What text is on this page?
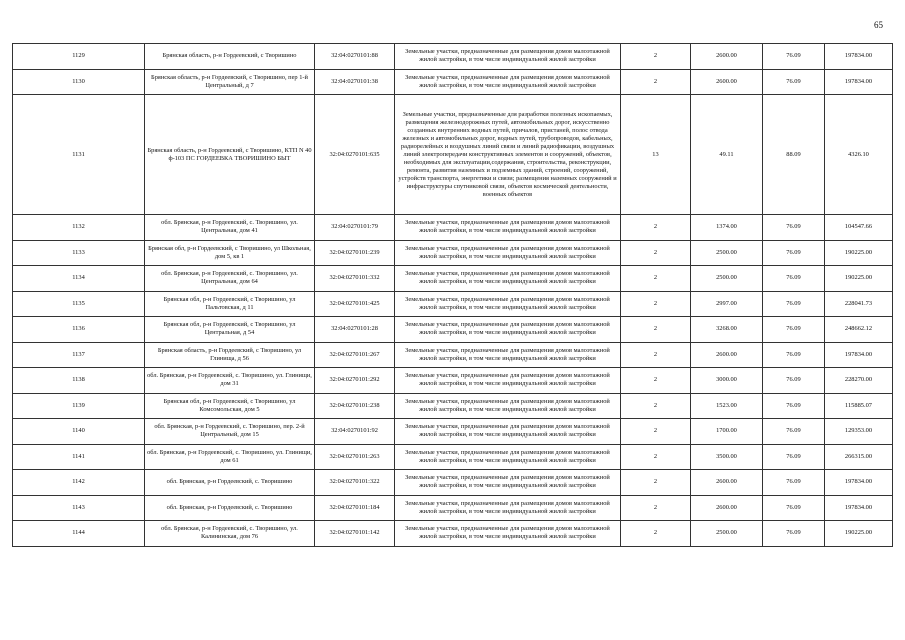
65
1129	Брянская область, р-н Гордеевский, с Творишино	32:04:0270101:88	Земельные участки, предназначенные для размещения домов малоэтажной жилой застройки, в том числе индивидуальной жилой застройки	2	2600.00	76.09	197834.00
1130	Брянская область, р-н Гордеевский, с Творишино, пер 1-й Центральный, д 7	32:04:0270101:38	Земельные участки, предназначенные для размещения домов малоэтажной жилой застройки, в том числе индивидуальной жилой застройки	2	2600.00	76.09	197834.00
1131	Брянская область, р-н Гордеевский, с Творишино, КТП N 40 ф-103 ПС ГОРДЕЕВКА ТВОРИШИНО БЫТ	32:04:0270101:635	Земельные участки, предназначенные для разработки полезных ископаемых, размещения железнодорожных путей, автомобильных дорог, искусственно созданных внутренних водных путей, причалов, пристаней, полос отвода железных и автомобильных дорог, водных путей, трубопроводов, кабельных, радиорелейных и воздушных линий связи и линий радиофикации, воздушных линий электропередачи конструктивных элементов и сооружений, объектов, необходимых для эксплуатации,содержания, строительства, реконструкции, ремонта, развития наземных и подземных зданий, строений, сооружений, устройств транспорта, энергетики и связи; размещения наземных сооружений и инфраструктуры спутниковой связи, объектов космической деятельности, военных объектов	13	49.11	88.09	4326.10
1132	обл. Брянская, р-н Гордеевский, с. Творишино, ул. Центральная, дом 41	32:04:0270101:79	Земельные участки, предназначенные для размещения домов малоэтажной жилой застройки, в том числе индивидуальной жилой застройки	2	1374.00	76.09	104547.66
1133	Брянская обл, р-н Гордеевский, с Творишино, ул Школьная, дом 5, кв 1	32:04:0270101:239	Земельные участки, предназначенные для размещения домов малоэтажной жилой застройки, в том числе индивидуальной жилой застройки	2	2500.00	76.09	190225.00
1134	обл. Брянская, р-н Гордеевский, с. Творишино, ул. Центральная, дом 64	32:04:0270101:332	Земельные участки, предназначенные для размещения домов малоэтажной жилой застройки, в том числе индивидуальной жилой застройки	2	2500.00	76.09	190225.00
1135	Брянская обл, р-н Гордеевский, с Творишино, ул Пальтовская, д 11	32:04:0270101:425	Земельные участки, предназначенные для размещения домов малоэтажной жилой застройки, в том числе индивидуальной жилой застройки	2	2997.00	76.09	228041.73
1136	Брянская обл, р-н Гордеевский, с Творишино, ул Центральная, д 54	32:04:0270101:28	Земельные участки, предназначенные для размещения домов малоэтажной жилой застройки, в том числе индивидуальной жилой застройки	2	3268.00	76.09	248662.12
1137	Брянская область, р-н Гордеевский, с Творишино, ул Глинища, д 56	32:04:0270101:267	Земельные участки, предназначенные для размещения домов малоэтажной жилой застройки, в том числе индивидуальной жилой застройки	2	2600.00	76.09	197834.00
1138	обл. Брянская, р-н Гордеевский, с. Творишино, ул. Глинищи, дом 31	32:04:0270101:292	Земельные участки, предназначенные для размещения домов малоэтажной жилой застройки, в том числе индивидуальной жилой застройки	2	3000.00	76.09	228270.00
1139	Брянская обл, р-н Гордеевский, с Творишино, ул Комсомольская, дом 5	32:04:0270101:238	Земельные участки, предназначенные для размещения домов малоэтажной жилой застройки, в том числе индивидуальной жилой застройки	2	1523.00	76.09	115885.07
1140	обл. Брянская, р-н Гордеевский, с. Творишино, пер. 2-й Центральный, дом 15	32:04:0270101:92	Земельные участки, предназначенные для размещения домов малоэтажной жилой застройки, в том числе индивидуальной жилой застройки	2	1700.00	76.09	129353.00
1141	обл. Брянская, р-н Гордеевский, с. Творишино, ул. Глинищи, дом 61	32:04:0270101:263	Земельные участки, предназначенные для размещения домов малоэтажной жилой застройки, в том числе индивидуальной жилой застройки	2	3500.00	76.09	266315.00
1142	обл. Брянская, р-н Гордеевский, с. Творишино	32:04:0270101:322	Земельные участки, предназначенные для размещения домов малоэтажной жилой застройки, в том числе индивидуальной жилой застройки	2	2600.00	76.09	197834.00
1143	обл. Брянская, р-н Гордеевский, с. Творишино	32:04:0270101:184	Земельные участки, предназначенные для размещения домов малоэтажной жилой застройки, в том числе индивидуальной жилой застройки	2	2600.00	76.09	197834.00
1144	обл. Брянская, р-н Гордеевский, с. Творишино, ул. Калининская, дом 76	32:04:0270101:142	Земельные участки, предназначенные для размещения домов малоэтажной жилой застройки, в том числе индивидуальной жилой застройки	2	2500.00	76.09	190225.00
